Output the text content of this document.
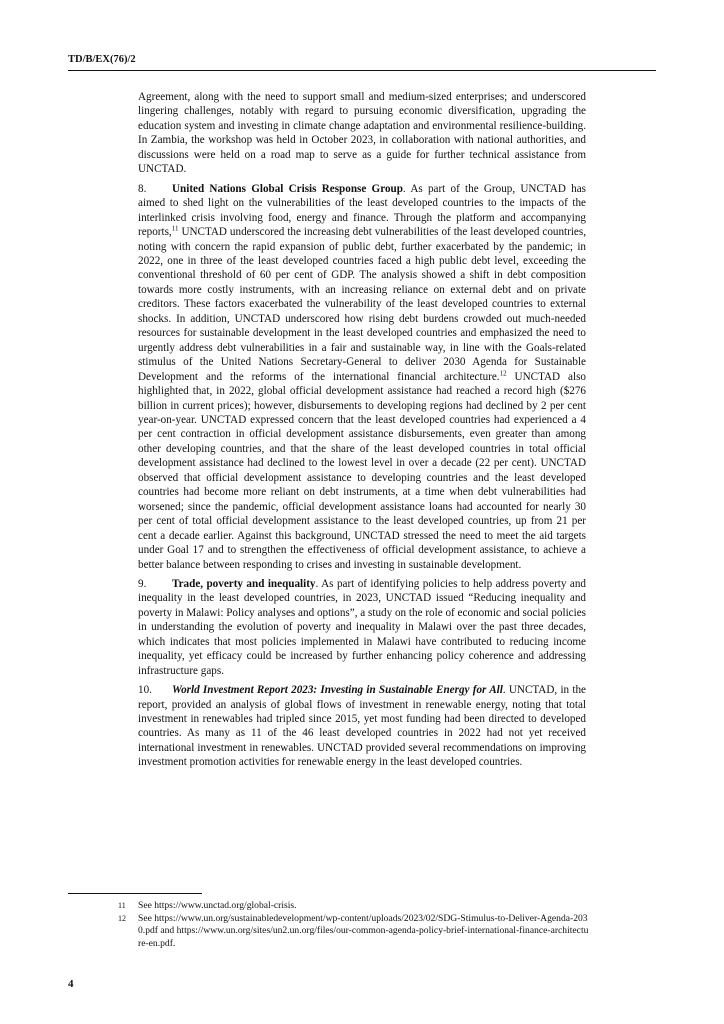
TD/B/EX(76)/2

Agreement, along with the need to support small and medium-sized enterprises; and underscored lingering challenges, notably with regard to pursuing economic diversification, upgrading the education system and investing in climate change adaptation and environmental resilience-building. In Zambia, the workshop was held in October 2023, in collaboration with national authorities, and discussions were held on a road map to serve as a guide for further technical assistance from UNCTAD.

8. United Nations Global Crisis Response Group. As part of the Group, UNCTAD has aimed to shed light on the vulnerabilities of the least developed countries to the impacts of the interlinked crisis involving food, energy and finance. Through the platform and accompanying reports,$^{11}$ UNCTAD underscored the increasing debt vulnerabilities of the least developed countries, noting with concern the rapid expansion of public debt, further exacerbated by the pandemic; in 2022, one in three of the least developed countries faced a high public debt level, exceeding the conventional threshold of 60 per cent of GDP. The analysis showed a shift in debt composition towards more costly instruments, with an increasing reliance on external debt and on private creditors. These factors exacerbated the vulnerability of the least developed countries to external shocks. In addition, UNCTAD underscored how rising debt burdens crowded out much-needed resources for sustainable development in the least developed countries and emphasized the need to urgently address debt vulnerabilities in a fair and sustainable way, in line with the Goals-related stimulus of the United Nations Secretary-General to deliver 2030 Agenda for Sustainable Development and the reforms of the international financial architecture.$^{12}$ UNCTAD also highlighted that, in 2022, global official development assistance had reached a record high ($276 billion in current prices); however, disbursements to developing regions had declined by 2 per cent year-on-year. UNCTAD expressed concern that the least developed countries had experienced a 4 per cent contraction in official development assistance disbursements, even greater than among other developing countries, and that the share of the least developed countries in total official development assistance had declined to the lowest level in over a decade (22 per cent). UNCTAD observed that official development assistance to developing countries and the least developed countries had become more reliant on debt instruments, at a time when debt vulnerabilities had worsened; since the pandemic, official development assistance loans had accounted for nearly 30 per cent of total official development assistance to the least developed countries, up from 21 per cent a decade earlier. Against this background, UNCTAD stressed the need to meet the aid targets under Goal 17 and to strengthen the effectiveness of official development assistance, to achieve a better balance between responding to crises and investing in sustainable development.

9. Trade, poverty and inequality. As part of identifying policies to help address poverty and inequality in the least developed countries, in 2023, UNCTAD issued “Reducing inequality and poverty in Malawi: Policy analyses and options”, a study on the role of economic and social policies in understanding the evolution of poverty and inequality in Malawi over the past three decades, which indicates that most policies implemented in Malawi have contributed to reducing income inequality, yet efficacy could be increased by further enhancing policy coherence and addressing infrastructure gaps.

10. World Investment Report 2023: Investing in Sustainable Energy for All. UNCTAD, in the report, provided an analysis of global flows of investment in renewable energy, noting that total investment in renewables had tripled since 2015, yet most funding had been directed to developed countries. As many as 11 of the 46 least developed countries in 2022 had not yet received international investment in renewables. UNCTAD provided several recommendations on improving investment promotion activities for renewable energy in the least developed countries.

11	See https://www.unctad.org/global-crisis.
12	See https://www.un.org/sustainabledevelopment/wp-content/uploads/2023/02/SDG-Stimulus-to-Deliver-Agenda-2030.pdf and https://www.un.org/sites/un2.un.org/files/our-common-agenda-policy-brief-international-finance-architecture-en.pdf.
4
